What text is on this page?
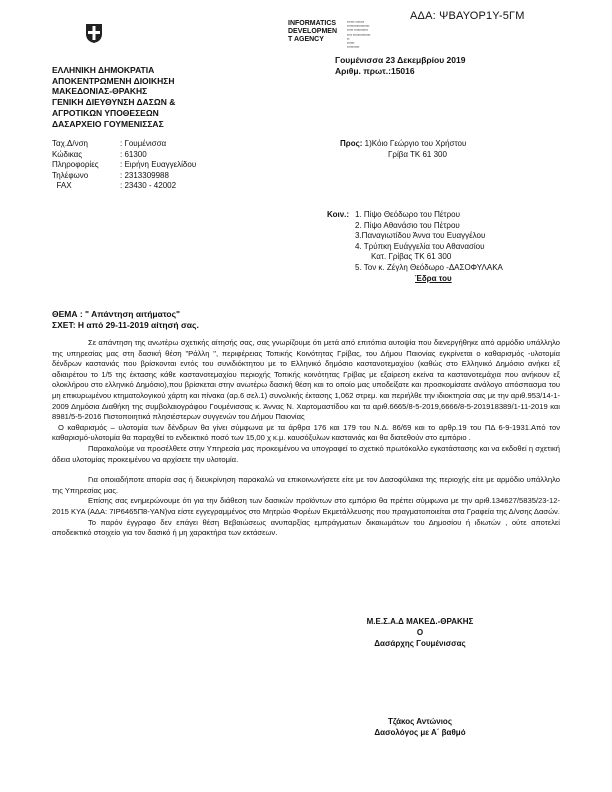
ΑΔΑ: ΨΒΑΥΟΡ1Υ-5ΓΜ
INFORMATICS
DEVELOPMEN
T AGENCY
▪▪▪▪▪▪ ▪▪▪▪▪▪▪
▪▪▪▪▪▪▪▪▪▪▪▪▪▪▪▪▪▪
▪▪▪▪▪ ▪▪▪▪▪▪▪▪▪▪▪
▪▪▪▪ ▪▪▪▪▪▪▪▪▪▪▪▪▪▪
▪▪
▪▪▪▪▪▪
▪▪▪▪▪▪▪▪▪▪
Γουμένισσα 23 Δεκεμβρίου 2019
Αριθμ. πρωτ.:15016
ΕΛΛΗΝΙΚΗ ΔΗΜΟΚΡΑΤΙΑ
ΑΠΟΚΕΝΤΡΩΜΕΝΗ ΔΙΟΙΚΗΣΗ
ΜΑΚΕΔΟΝΙΑΣ-ΘΡΑΚΗΣ
ΓΕΝΙΚΗ ΔΙΕΥΘΥΝΣΗ ΔΑΣΩΝ &
ΑΓΡΟΤΙΚΩΝ ΥΠΟΘΕΣΕΩΝ
ΔΑΣΑΡΧΕΙΟ ΓΟΥΜΕΝΙΣΣΑΣ
Ταχ.Δ/νση	: Γουμένισσα
Κώδικας	: 61300
Πληροφορίες	: Ειρήνη Ευαγγελίδου
Τηλέφωνο	: 2313309988
FAX	: 23430 - 42002
Προς: 1)Κόιο Γεώργιο του Χρήστου
Γρίβα ΤΚ 61 300
Κοιν.: 1. Πίψο Θεόδωρο του Πέτρου
2. Πίψο Αθανάσιο του Πέτρου
3.Παναγιωτίδου Άννα του Ευαγγέλου
4. Τρύπκη Ευάγγελία του Αθανασίου
Κατ. Γρίβας ΤΚ 61 300
5. Τον κ. Ζέγλη Θεόδωρο -ΔΑΣΟΦΥΛΑΚΑ
Έδρα του
ΘΕΜΑ : " Απάντηση αιτήματος"
ΣΧΕΤ: Η από 29-11-2019 αίτησή σας.

Σε απάντηση της ανωτέρω σχετικής αίτησής σας, σας γνωρίζουμε ότι μετά από επιτόπια αυτοψία που διενεργήθηκε από αρμόδιο υπάλληλο της υπηρεσίας μας στη δασική θέση "Ράλλη ", περιφέρειας Τοπικής Κοινότητας Γρίβας, του Δήμου Παιονίας εγκρίνεται ο καθαρισμός -υλοτομία δένδρων καστανιάς που βρίσκονται εντός του συνιδιόκτητου με το Ελληνικό δημόσιο καστανοτεμαχίου (καθώς στο Ελληνικό Δημόσιο ανήκει εξ αδιαιρέτου το 1/5 της έκτασης κάθε καστανοτεμαχίου περιοχής Τοπικής κοινότητας Γρίβας με εξαίρεση εκείνα τα καστανοτεμάχια που ανήκουν εξ ολοκλήρου στο ελληνικό Δημόσιο),που βρίσκεται στην ανωτέρω δασική θέση και το οποίο μας υποδείξατε και προσκομίσατε ανάλογο απόσπασμα του μη επικυρωμένου κτηματολογικού χάρτη και πίνακα (αρ.6 σελ.1) συνολικής έκτασης 1,062 στρεμ. και περιήλθε την ιδιοκτησία σας με την αριθ.953/14-1-2009 Δημόσια Διαθήκη της συμβολαιογράφου Γουμένισσας κ. Άννας Ν. Χαρτομαστίδου και τα αριθ.6665/8-5-2019,6666/8-5-201918389/1-11-2019 και 8981/5-5-2016 Πιστοποιητικά πλησιέστερων συγγενών του Δήμου Παιονίας

Ο καθαρισμός – υλοτομία των δένδρων θα γίνει σύμφωνα με τα άρθρα 176 και 179 του Ν.Δ. 86/69 και το αρθρ.19 του ΠΔ 6-9-1931.Από τον καθαρισμό-υλοτομία θα παραχθεί το ενδεικτικό ποσό των 15,00 χ κ.μ. καυσόξυλων καστανιάς και θα διατεθούν στο εμπόριο .

Παρακαλούμε να προσέλθετε στην Υπηρεσία μας προκειμένου να υπογραφεί το σχετικό πρωτόκολλο εγκατάστασης και να εκδοθεί η σχετική άδεια υλοτομίας προκειμένου να αρχίσετε την υλοτομία.

Για οποιαδήποτε απορία σας ή διευκρίνηση παρακαλώ να επικοινωνήσετε είτε με τον Δασοφύλακα της περιοχής είτε με αρμόδιο υπάλληλο της Υπηρεσίας μας.

Επίσης σας ενημερώνουμε ότι για την διάθεση των δασικών προϊόντων στο εμπόριο θα πρέπει σύμφωνα με την αριθ.134627/5835/23-12-2015 ΚΥΑ (ΑΔΑ: 7ΙΡ6465Π8-ΥΑΝ)να είστε εγγεγραμμένος στο Μητρώο Φορέων Εκμετάλλευσης που πραγματοποιείται στα Γραφεία της Δ/νσης Δασών.

Το παρόν έγγραφο δεν επάγει θέση Βεβαιώσεως ανυπαρξίας εμπράγματων δικαιωμάτων του Δημοσίου ή ιδιωτών , ούτε αποτελεί αποδεικτικό στοιχείο για τον δασικό ή μη χαρακτήρα των εκτάσεων.

Μ.Ε.Σ.Α.Δ ΜΑΚΕΔ.-ΘΡΑΚΗΣ
Ο
Δασάρχης Γουμένισσας
Τζάκος Αντώνιος
Δασολόγος με Α΄ βαθμό
